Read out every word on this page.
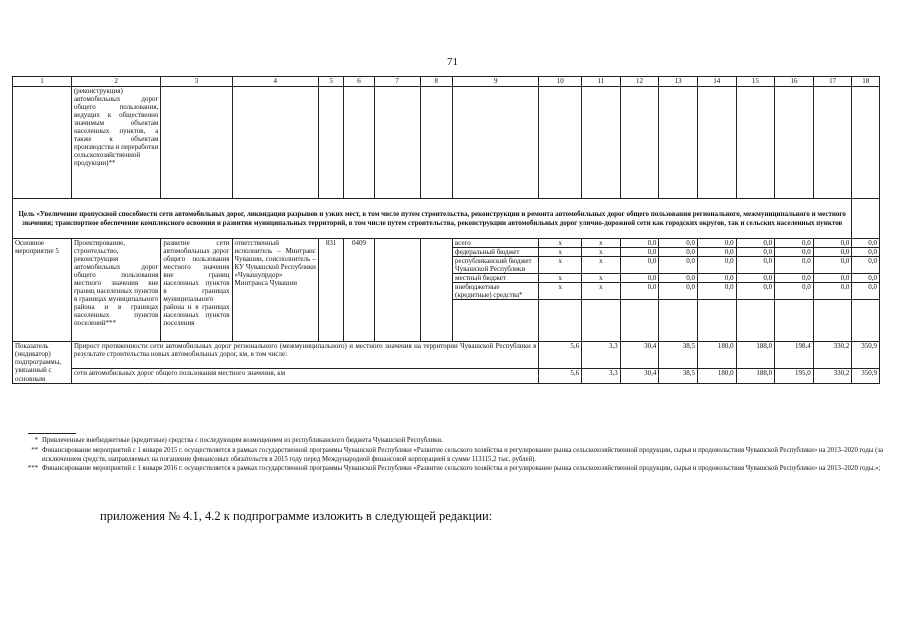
71
1	2	3	4	5	6	7	8	9	10	11	12	13	14	15	16	17	18
	(реконструкция) автомобильных дорог общего пользования, ведущих к общественно значимым объектам населенных пунктов, а также к объектам производства и переработки сельскохозяйственной продукции)**																
Цель «Увеличение пропускной способности сети автомобильных дорог, ликвидация разрывов и узких мест, в том числе путем строительства, реконструкции и ремонта автомобильных дорог общего пользования регионального, межмуниципального и местного значения; транспортное обеспечение комплексного освоения и развития муниципальных территорий, в том числе путем строительства, реконструкции автомобильных дорог улично-дорожной сети как городских округов, так и сельских населенных пунктов																	
Основное мероприятие 5	Проектирование, строительство, реконструкция автомобильных дорог общего пользования местного значения вне границ населенных пунктов в границах муниципального района и в границах населенных пунктов поселений***	развитие сети автомобильных дорог общего пользования местного значения вне границ населенных пунктов в границах муниципального района и в границах населенных пунктов поселения	ответственный исполнитель – Минтранс Чувашии, соисполнитель – КУ Чувашской Республики «Чувашупрдор» Минтранса Чувашии	831	0409			всего	x	x	0,0	0,0	0,0	0,0	0,0	0,0	0,0
								федеральный бюджет	x	x	0,0	0,0	0,0	0,0	0,0	0,0	0,0
								республиканский бюджет Чувашской Республики	x	x	0,0	0,0	0,0	0,0	0,0	0,0	0,0
								местный бюджет	x	x	0,0	0,0	0,0	0,0	0,0	0,0	0,0
								внебюджетные (кредитные) средства*	x	x	0,0	0,0	0,0	0,0	0,0	0,0	0,0

Показатель (индикатор) подпрограммы, увязанный с основным	Прирост протяженности сети автомобильных дорог регионального (межмуниципального) и местного значения на территории Чувашской Республики в результате строительства новых автомобильных дорог, км, в том числе:								5,6	3,3	30,4	38,5	180,0	188,0	198,4	330,2	350,9
	сети автомобильных дорог общего пользования местного значения, км								5,6	3,3	30,4	38,5	180,0	188,0	195,0	330,2	350,9
* Привлеченные внебюджетные (кредитные) средства с последующим возмещением из республиканского бюджета Чувашской Республики.
** Финансирование мероприятий с 1 января 2015 г. осуществляется в рамках государственной программы Чувашской Республики «Развитие сельского хозяйства и регулирование рынка сельскохозяйственной продукции, сырья и продовольствия Чувашской Республики» на 2013–2020 годы (за исключением средств, направляемых на погашение финансовых обязательств в 2015 году перед Международной финансовой корпорацией в сумме 113115,2 тыс. рублей).
*** Финансирование мероприятий с 1 января 2016 г. осуществляется в рамках государственной программы Чувашской Республики «Развитие сельского хозяйства и регулирование рынка сельскохозяйственной продукции, сырья и продовольствия Чувашской Республики» на 2013–2020 годы.»;
приложения № 4.1, 4.2 к подпрограмме изложить в следующей редакции:
